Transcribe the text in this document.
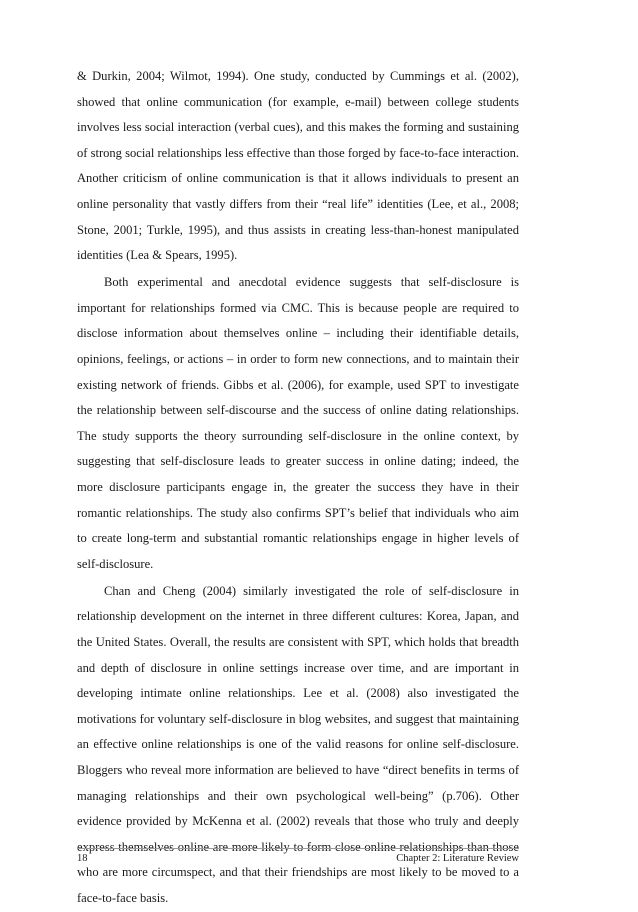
& Durkin, 2004; Wilmot, 1994). One study, conducted by Cummings et al. (2002), showed that online communication (for example, e-mail) between college students involves less social interaction (verbal cues), and this makes the forming and sustaining of strong social relationships less effective than those forged by face-to-face interaction. Another criticism of online communication is that it allows individuals to present an online personality that vastly differs from their “real life” identities (Lee, et al., 2008; Stone, 2001; Turkle, 1995), and thus assists in creating less-than-honest manipulated identities (Lea & Spears, 1995).

Both experimental and anecdotal evidence suggests that self-disclosure is important for relationships formed via CMC. This is because people are required to disclose information about themselves online – including their identifiable details, opinions, feelings, or actions – in order to form new connections, and to maintain their existing network of friends. Gibbs et al. (2006), for example, used SPT to investigate the relationship between self-discourse and the success of online dating relationships. The study supports the theory surrounding self-disclosure in the online context, by suggesting that self-disclosure leads to greater success in online dating; indeed, the more disclosure participants engage in, the greater the success they have in their romantic relationships. The study also confirms SPT’s belief that individuals who aim to create long-term and substantial romantic relationships engage in higher levels of self-disclosure.

Chan and Cheng (2004) similarly investigated the role of self-disclosure in relationship development on the internet in three different cultures: Korea, Japan, and the United States. Overall, the results are consistent with SPT, which holds that breadth and depth of disclosure in online settings increase over time, and are important in developing intimate online relationships. Lee et al. (2008) also investigated the motivations for voluntary self-disclosure in blog websites, and suggest that maintaining an effective online relationships is one of the valid reasons for online self-disclosure. Bloggers who reveal more information are believed to have “direct benefits in terms of managing relationships and their own psychological well-being” (p.706). Other evidence provided by McKenna et al. (2002) reveals that those who truly and deeply express themselves online are more likely to form close online relationships than those who are more circumspect, and that their friendships are most likely to be moved to a face-to-face basis.

18	Chapter 2: Literature Review
